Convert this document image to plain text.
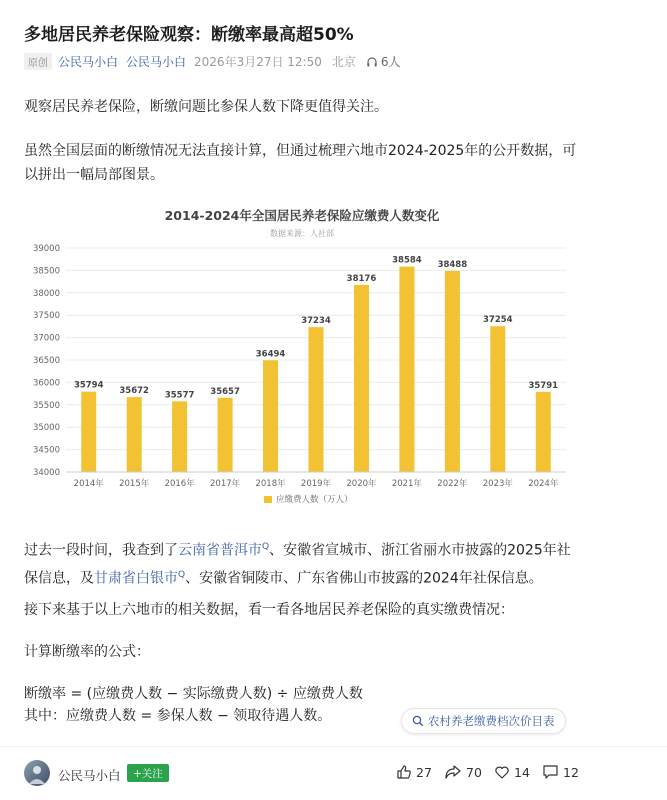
多地居民养老保险观察：断缴率最高超50%
原创 公民马小白 公民马小白 2026年3月27日 12:50 北京 6人
观察居民养老保险，断缴问题比参保人数下降更值得关注。
虽然全国层面的断缴情况无法直接计算，但通过梳理六地市2024-2025年的公开数据，可以拼出一幅局部图景。
2014-2024年全国居民养老保险应缴费人数变化
数据来源：人社部
34000
34500
35000
35500
36000
36500
37000
37500
38000
38500
39000
35794
2014年
35672
2015年
35577
2016年
35657
2017年
36494
2018年
37234
2019年
38176
2020年
38584
2021年
38488
2022年
37254
2023年
35791
2024年
应缴费人数（万人）
过去一段时间，我查到了云南省普洱市$^Q$、安徽省宣城市、浙江省丽水市披露的2025年社保信息，及甘肃省白银市$^Q$、安徽省铜陵市、广东省佛山市披露的2024年社保信息。
接下来基于以上六地市的相关数据，看一看各地居民养老保险的真实缴费情况：
计算断缴率的公式：
断缴率 = (应缴费人数 − 实际缴费人数) ÷ 应缴费人数
其中：应缴费人数 = 参保人数 − 领取待遇人数。	农村养老缴费档次价目表
公民马小白	+关注	27	70	14	12
